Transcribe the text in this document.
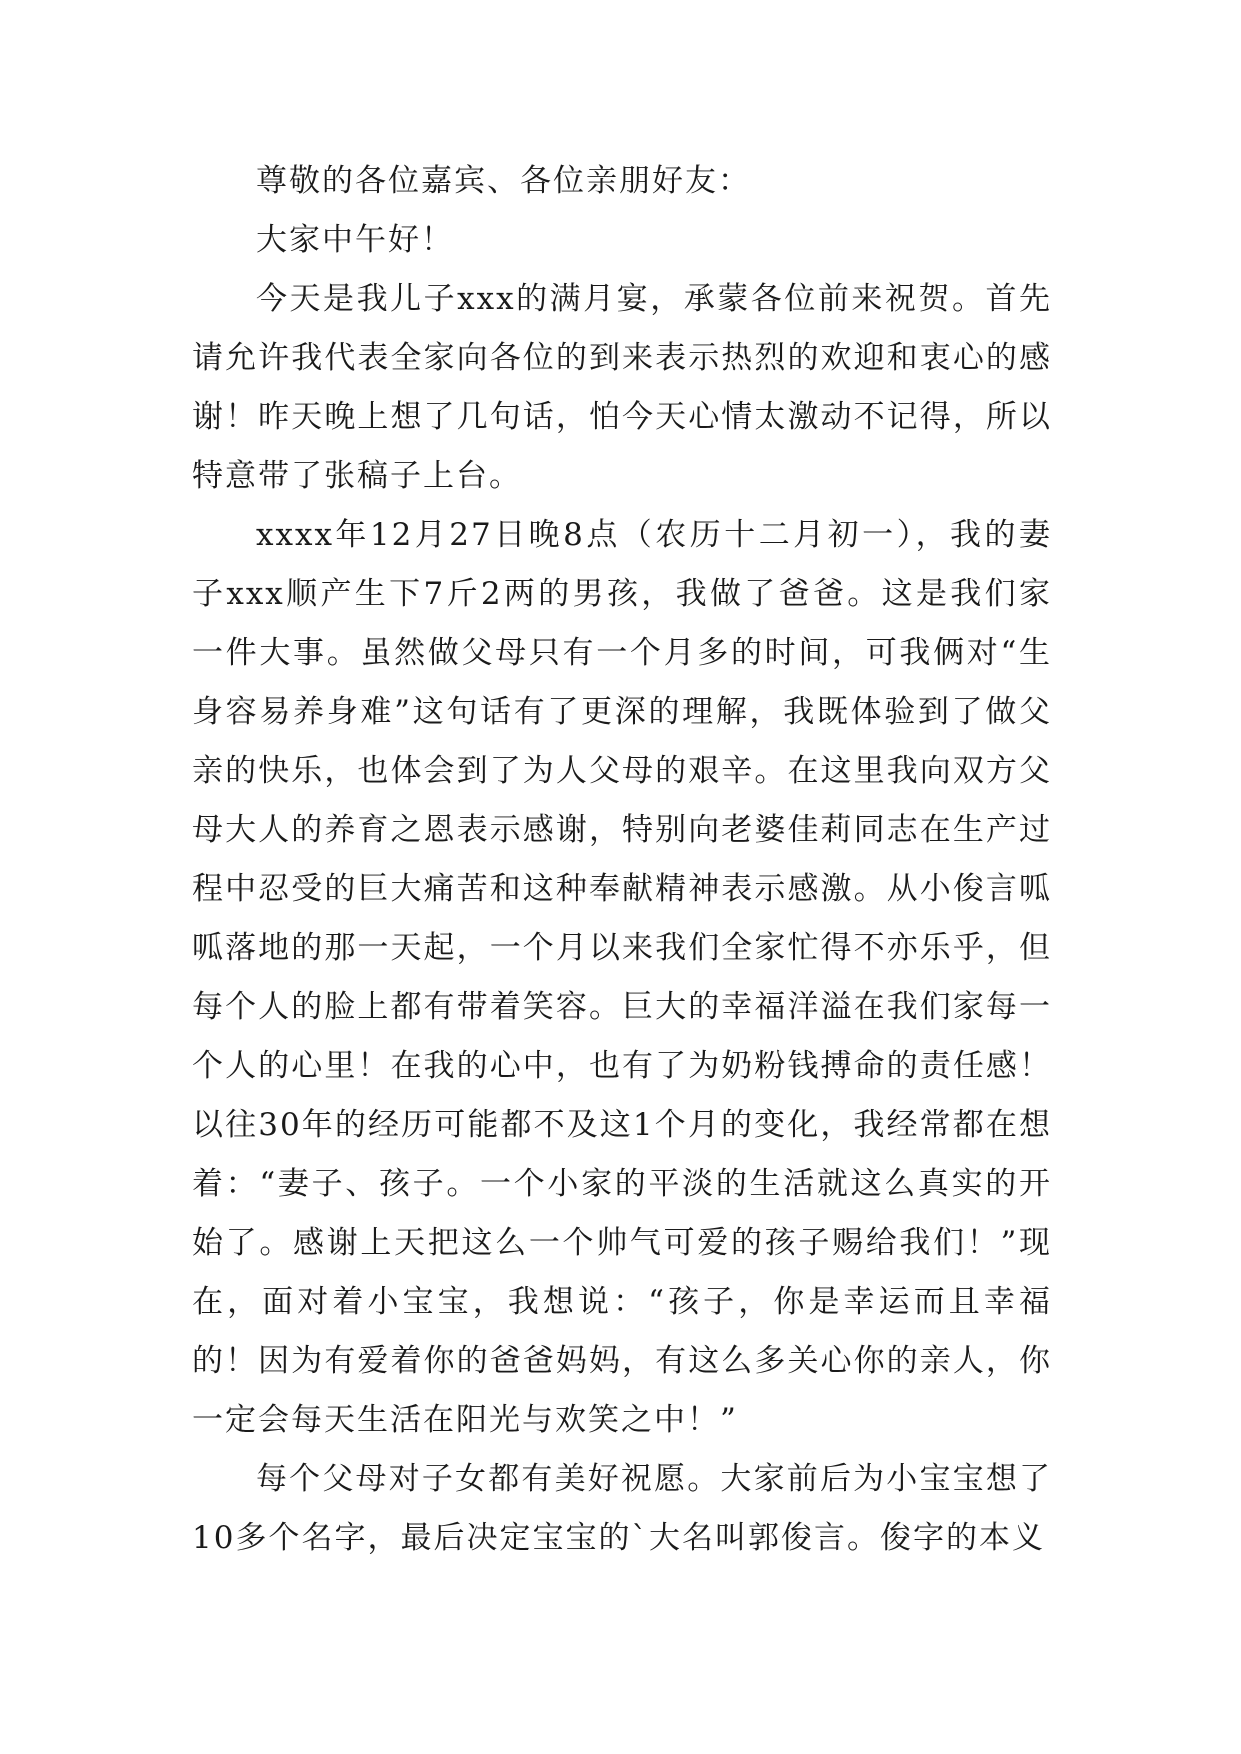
尊敬的各位嘉宾、各位亲朋好友：

大家中午好！

今天是我儿子xxx的满月宴，承蒙各位前来祝贺。首先请允许我代表全家向各位的到来表示热烈的欢迎和衷心的感谢！昨天晚上想了几句话，怕今天心情太激动不记得，所以特意带了张稿子上台。

xxxx年12月27日晚8点（农历十二月初一），我的妻子xxx顺产生下7斤2两的男孩，我做了爸爸。这是我们家一件大事。虽然做父母只有一个月多的时间，可我俩对“生身容易养身难”这句话有了更深的理解，我既体验到了做父亲的快乐，也体会到了为人父母的艰辛。在这里我向双方父母大人的养育之恩表示感谢，特别向老婆佳莉同志在生产过程中忍受的巨大痛苦和这种奉献精神表示感激。从小俊言呱呱落地的那一天起，一个月以来我们全家忙得不亦乐乎，但每个人的脸上都有带着笑容。巨大的幸福洋溢在我们家每一个人的心里！在我的心中，也有了为奶粉钱搏命的责任感！以往30年的经历可能都不及这1个月的变化，我经常都在想着：“妻子、孩子。一个小家的平淡的生活就这么真实的开始了。感谢上天把这么一个帅气可爱的孩子赐给我们！”现在，面对着小宝宝，我想说：“孩子，你是幸运而且幸福的！因为有爱着你的爸爸妈妈，有这么多关心你的亲人，你一定会每天生活在阳光与欢笑之中！”

每个父母对子女都有美好祝愿。大家前后为小宝宝想了10多个名字，最后决定宝宝的`大名叫郭俊言。俊字的本义
